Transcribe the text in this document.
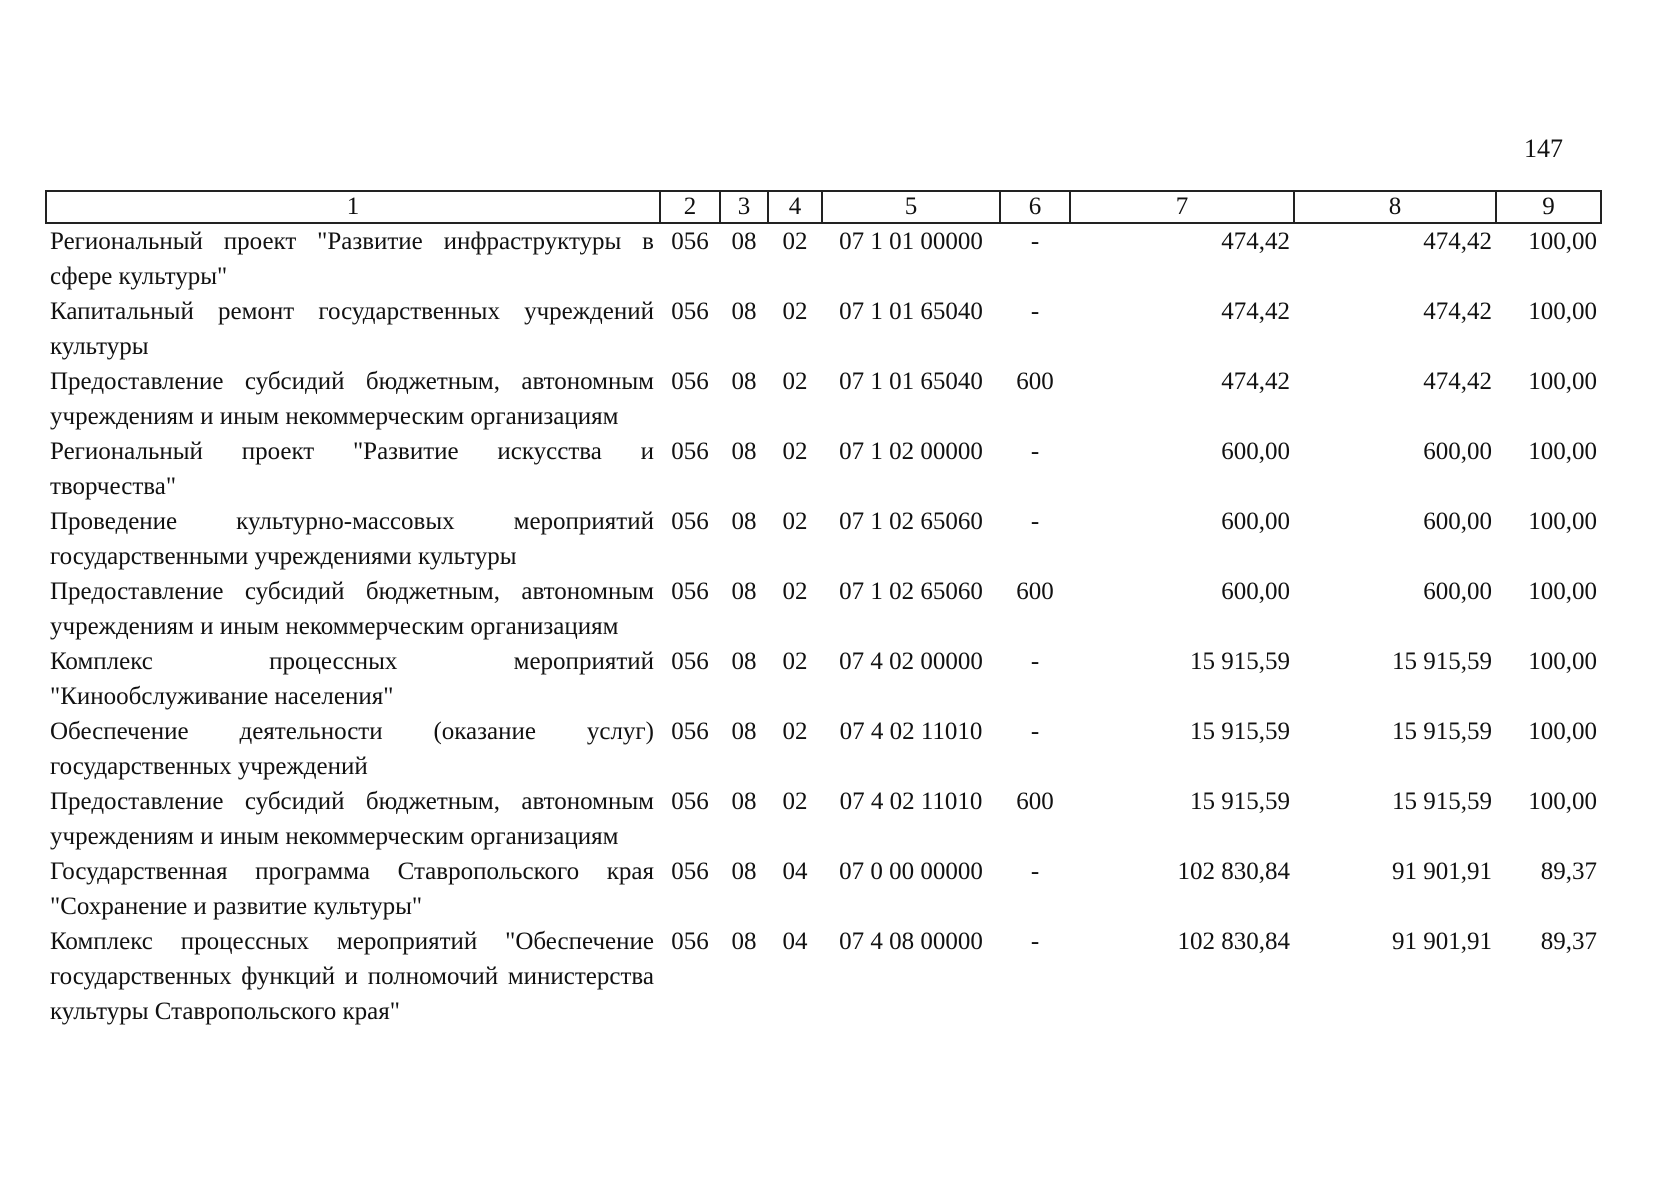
147
1	2	3	4	5	6	7	8	9
Региональный проект "Развитие инфраструктуры в сфере культуры"	056	08	02	07 1 01 00000	-	474,42	474,42	100,00
Капитальный ремонт государственных учреждений культуры	056	08	02	07 1 01 65040	-	474,42	474,42	100,00
Предоставление субсидий бюджетным, автономным учреждениям и иным некоммерческим организациям	056	08	02	07 1 01 65040	600	474,42	474,42	100,00
Региональный проект "Развитие искусства и творчества"	056	08	02	07 1 02 00000	-	600,00	600,00	100,00
Проведение культурно-массовых мероприятий государственными учреждениями культуры	056	08	02	07 1 02 65060	-	600,00	600,00	100,00
Предоставление субсидий бюджетным, автономным учреждениям и иным некоммерческим организациям	056	08	02	07 1 02 65060	600	600,00	600,00	100,00
Комплекс процессных мероприятий "Кинообслуживание населения"	056	08	02	07 4 02 00000	-	15 915,59	15 915,59	100,00
Обеспечение деятельности (оказание услуг) государственных учреждений	056	08	02	07 4 02 11010	-	15 915,59	15 915,59	100,00
Предоставление субсидий бюджетным, автономным учреждениям и иным некоммерческим организациям	056	08	02	07 4 02 11010	600	15 915,59	15 915,59	100,00
Государственная программа Ставропольского края "Сохранение и развитие культуры"	056	08	04	07 0 00 00000	-	102 830,84	91 901,91	89,37
Комплекс процессных мероприятий "Обеспечение государственных функций и полномочий министерства культуры Ставропольского края"	056	08	04	07 4 08 00000	-	102 830,84	91 901,91	89,37
